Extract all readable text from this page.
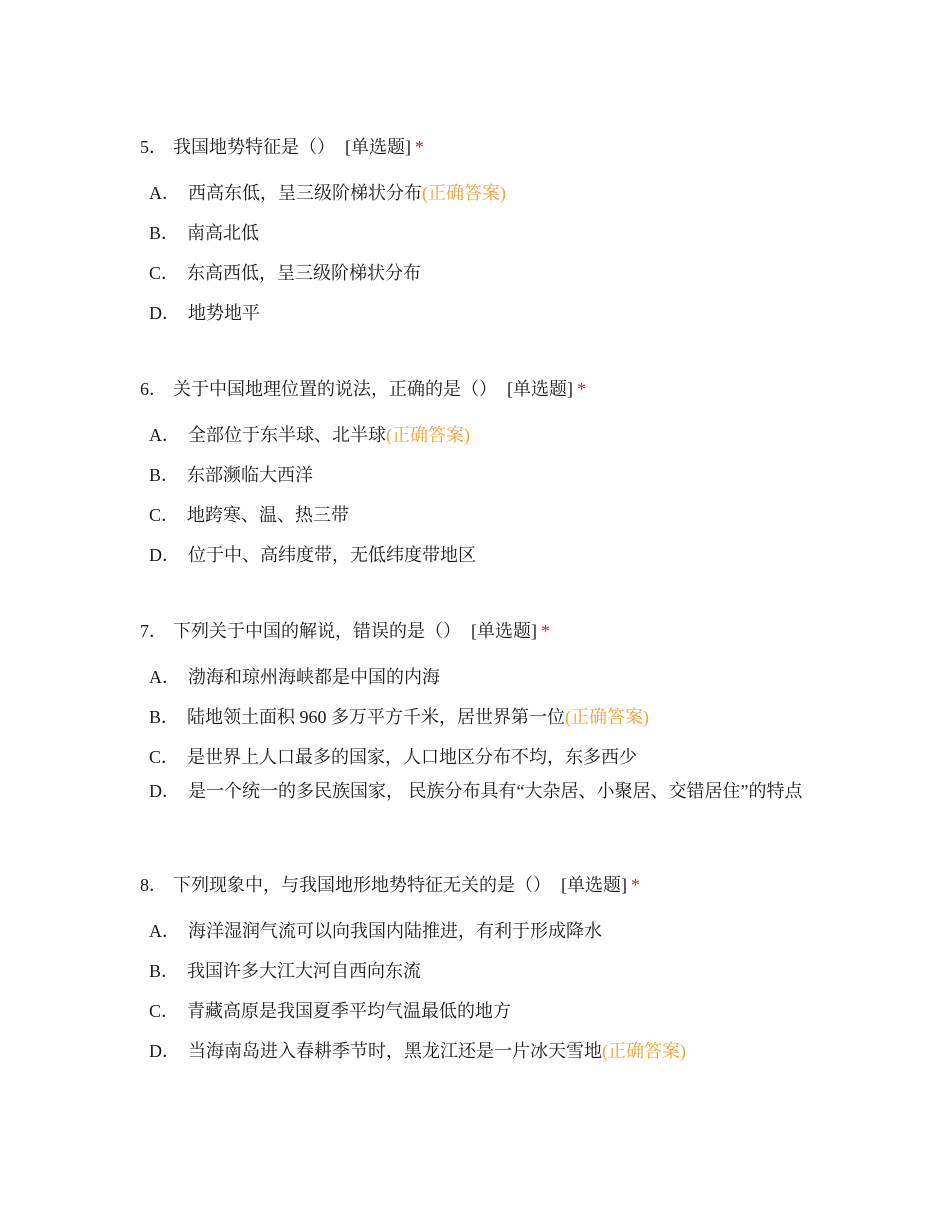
5． 我国地势特征是（） [单选题] *

A． 西高东低，呈三级阶梯状分布(正确答案)
B． 南高北低
C． 东高西低，呈三级阶梯状分布
D． 地势地平

6． 关于中国地理位置的说法，正确的是（） [单选题] *

A． 全部位于东半球、北半球(正确答案)
B． 东部濒临大西洋
C． 地跨寒、温、热三带
D． 位于中、高纬度带，无低纬度带地区

7． 下列关于中国的解说，错误的是（） [单选题] *

A． 渤海和琼州海峡都是中国的内海
B． 陆地领土面积 960 多万平方千米，居世界第一位(正确答案)
C． 是世界上人口最多的国家，人口地区分布不均，东多西少
D． 是一个统一的多民族国家， 民族分布具有“大杂居、小聚居、交错居住”的特点

8． 下列现象中，与我国地形地势特征无关的是（） [单选题] *

A． 海洋湿润气流可以向我国内陆推进，有利于形成降水
B． 我国许多大江大河自西向东流
C． 青藏高原是我国夏季平均气温最低的地方
D． 当海南岛进入春耕季节时，黑龙江还是一片冰天雪地(正确答案)
